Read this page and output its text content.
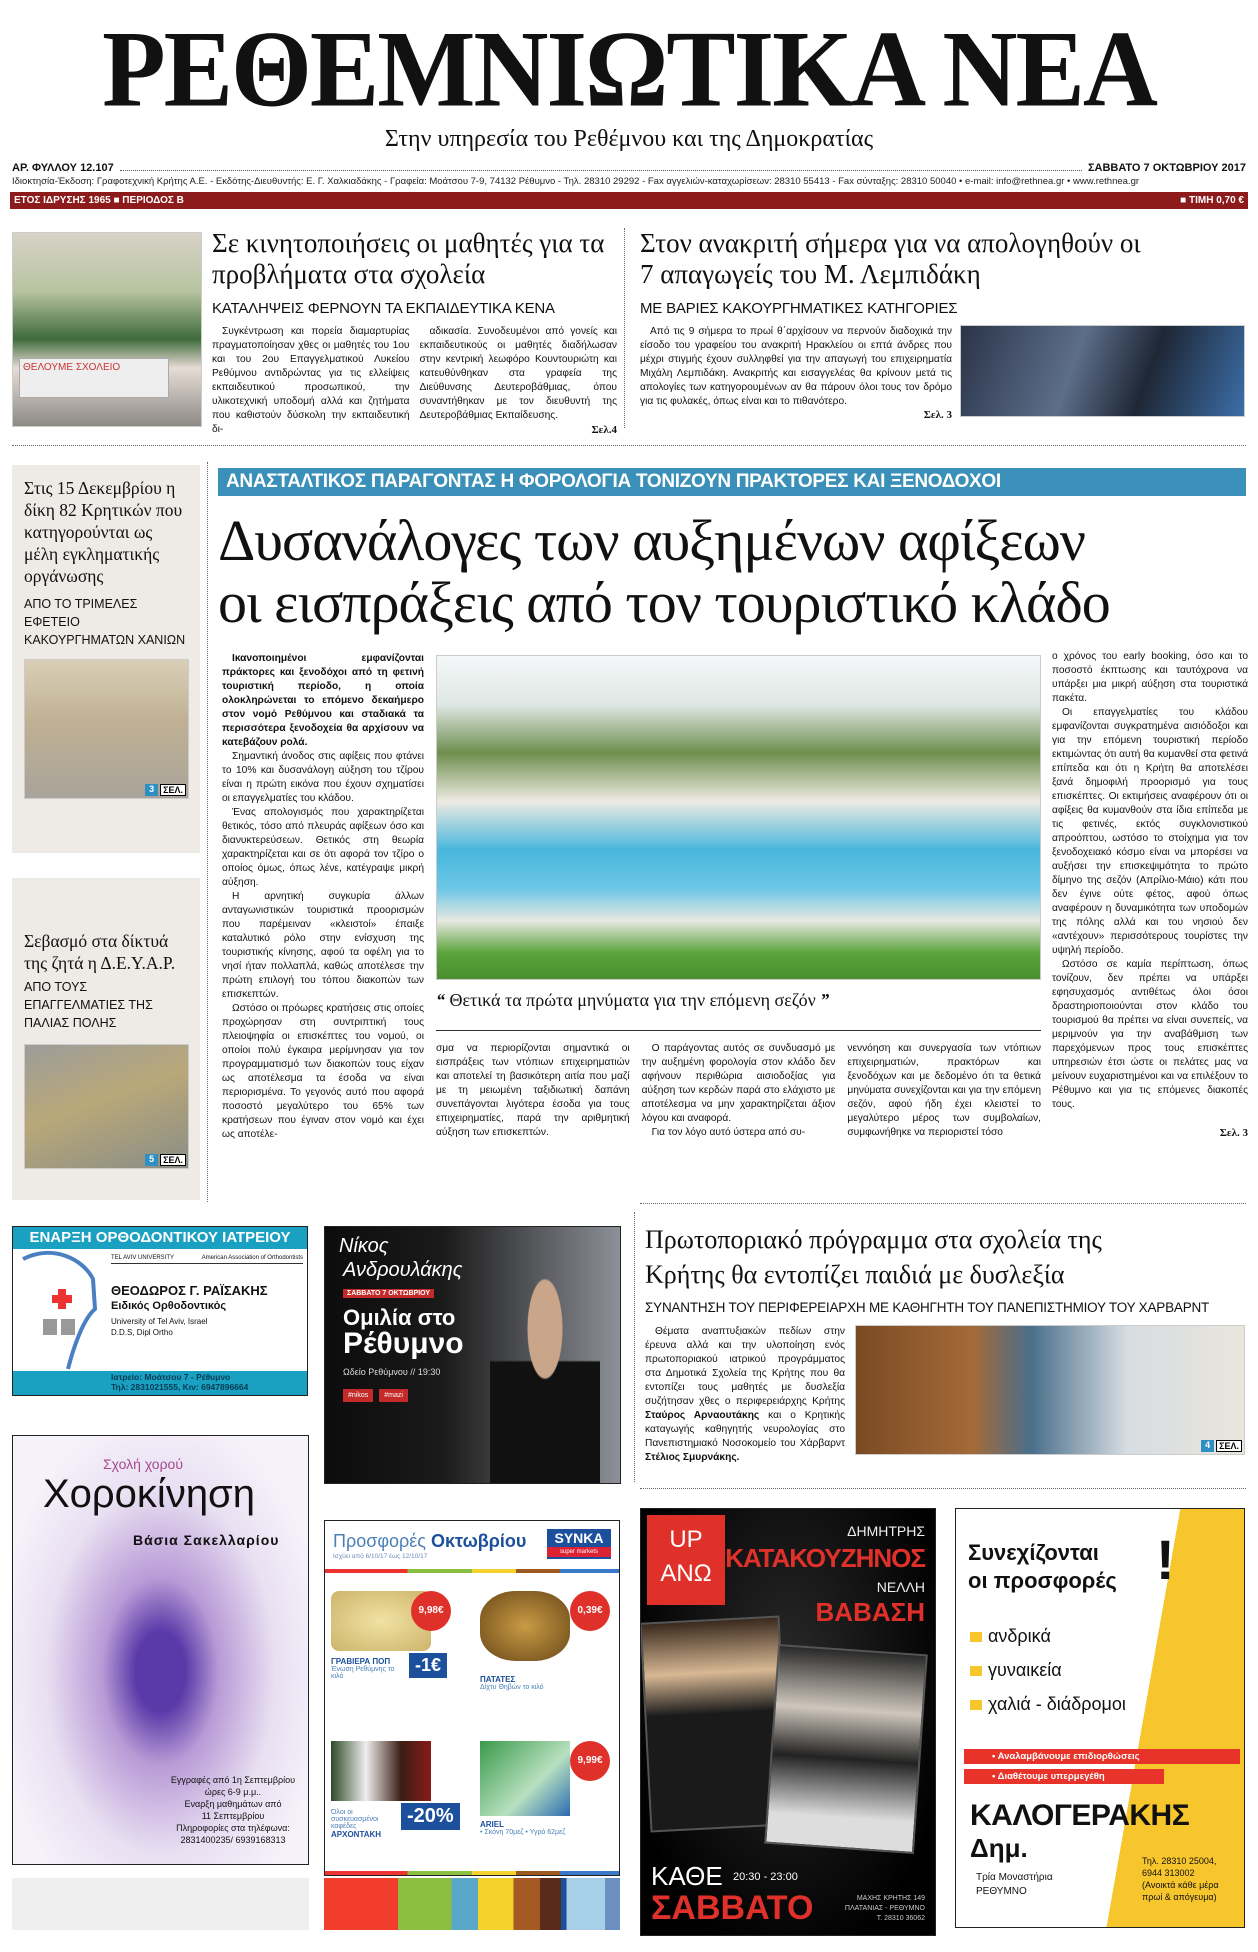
ΡΕΘΕΜΝΙΩΤΙΚΑ ΝΕΑ
Στην υπηρεσία του Ρεθέμνου και της Δημοκρατίας
ΑΡ. ΦΥΛΛΟΥ 12.107	ΣΑΒΒΑΤΟ 7 ΟΚΤΩΒΡΙΟΥ 2017
Ιδιοκτησία-Έκδοση: Γραφοτεχνική Κρήτης Α.Ε. - Εκδότης-Διευθυντής: Ε. Γ. Χαλκιαδάκης - Γραφεία: Μοάτσου 7-9, 74132 Ρέθυμνο - Τηλ. 28310 29292 - Fax αγγελιών-καταχωρίσεων: 28310 55413 - Fax σύνταξης: 28310 50040 • e-mail: info@rethnea.gr • www.rethnea.gr
ΕΤΟΣ ΙΔΡΥΣΗΣ 1965 ■ ΠΕΡΙΟΔΟΣ Β	■ ΤΙΜΗ 0,70 €
ΘΕΛΟΥΜΕ ΣΧΟΛΕΙΟ
Σε κινητοποιήσεις οι μαθητές για τα προβλήματα στα σχολεία
ΚΑΤΑΛΗΨΕΙΣ ΦΕΡΝΟΥΝ ΤΑ ΕΚΠΑΙΔΕΥΤΙΚΑ ΚΕΝΑ

Συγκέντρωση και πορεία διαμαρτυρίας πραγματοποίησαν χθες οι μαθητές του 1ου και του 2ου Επαγγελματικού Λυκείου Ρεθύμνου αντιδρώντας για τις ελλείψεις εκπαιδευτικού προσωπικού, την υλικοτεχνική υποδομή αλλά και ζητήματα που καθιστούν δύσκολη την εκπαιδευτική δι-

αδικασία. Συνοδευμένοι από γονείς και εκπαιδευτικούς οι μαθητές διαδήλωσαν στην κεντρική λεωφόρο Κουντουριώτη και κατευθύνθηκαν στα γραφεία της Διεύθυνσης Δευτεροβάθμιας, όπου συναντήθηκαν με τον διευθυντή της Δευτεροβάθμιας Εκπαίδευσης.

Σελ.4
Στον ανακριτή σήμερα για να απολογηθούν οι 7 απαγωγείς του Μ. Λεμπιδάκη
ΜΕ ΒΑΡΙΕΣ ΚΑΚΟΥΡΓΗΜΑΤΙΚΕΣ ΚΑΤΗΓΟΡΙΕΣ

Από τις 9 σήμερα το πρωί θ΄αρχίσουν να περνούν διαδοχικά την είσοδο του γραφείου του ανακριτή Ηρακλείου οι επτά άνδρες που μέχρι στιγμής έχουν συλληφθεί για την απαγωγή του επιχειρηματία Μιχάλη Λεμπιδάκη. Ανακριτής και εισαγγελέας θα κρίνουν μετά τις απολογίες των κατηγορουμένων αν θα πάρουν όλοι τους τον δρόμο για τις φυλακές, όπως είναι και το πιθανότερο.

Σελ. 3
Στις 15 Δεκεμβρίου η δίκη 82 Κρητικών που κατηγορούνται ως μέλη εγκληματικής οργάνωσης
ΑΠΟ ΤΟ ΤΡΙΜΕΛΕΣ ΕΦΕΤΕΙΟ ΚΑΚΟΥΡΓΗΜΑΤΩΝ ΧΑΝΙΩΝ
3	ΣΕΛ.
Σεβασμό στα δίκτυά της ζητά η Δ.Ε.Υ.Α.Ρ.
ΑΠΟ ΤΟΥΣ ΕΠΑΓΓΕΛΜΑΤΙΕΣ ΤΗΣ ΠΑΛΙΑΣ ΠΟΛΗΣ
5	ΣΕΛ.
ΑΝΑΣΤΑΛΤΙΚΟΣ ΠΑΡΑΓΟΝΤΑΣ Η ΦΟΡΟΛΟΓΙΑ ΤΟΝΙΖΟΥΝ ΠΡΑΚΤΟΡΕΣ ΚΑΙ ΞΕΝΟΔΟΧΟΙ
Δυσανάλογες των αυξημένων αφίξεων
οι εισπράξεις από τον τουριστικό κλάδο

Ικανοποιημένοι εμφανίζονται πράκτορες και ξενοδόχοι από τη φετινή τουριστική περίοδο, η οποία ολοκληρώνεται το επόμενο δεκαήμερο στον νομό Ρεθύμνου και σταδιακά τα περισσότερα ξενοδοχεία θα αρχίσουν να κατεβάζουν ρολά.

Σημαντική άνοδος στις αφίξεις που φτάνει το 10% και δυσανάλογη αύξηση του τζίρου είναι η πρώτη εικόνα που έχουν σχηματίσει οι επαγγελματίες του κλάδου.

Ένας απολογισμός που χαρακτηρίζεται θετικός, τόσο από πλευράς αφίξεων όσο και διανυκτερεύσεων. Θετικός στη θεωρία χαρακτηρίζεται και σε ότι αφορά τον τζίρο ο οποίος όμως, όπως λένε, κατέγραψε μικρή αύξηση.

Η αρνητική συγκυρία άλλων ανταγωνιστικών τουριστικά προορισμών που παρέμειναν «κλειστοί» έπαιξε καταλυτικό ρόλο στην ενίσχυση της τουριστικής κίνησης, αφού τα οφέλη για το νησί ήταν πολλαπλά, καθώς αποτέλεσε την πρώτη επιλογή του τόπου διακοπών των επισκεπτών.

Ωστόσο οι πρόωρες κρατήσεις στις οποίες προχώρησαν στη συντριπτική τους πλειοψηφία οι επισκέπτες του νομού, οι οποίοι πολύ έγκαιρα μερίμνησαν για τον προγραμματισμό των διακοπών τους είχαν ως αποτέλεσμα τα έσοδα να είναι περιορισμένα. Το γεγονός αυτό που αφορά ποσοστό μεγαλύτερο του 65% των κρατήσεων που έγιναν στον νομό και έχει ως αποτέλε-

“ Θετικά τα πρώτα μηνύματα για την επόμενη σεζόν ”

σμα να περιορίζονται σημαντικά οι εισπράξεις των ντόπιων επιχειρηματιών και αποτελεί τη βασικότερη αιτία που μαζί με τη μειωμένη ταξιδιωτική δαπάνη συνεπάγονται λιγότερα έσοδα για τους επιχειρηματίες, παρά την αριθμητική αύξηση των επισκεπτών.

Ο παράγοντας αυτός σε συνδυασμό με την αυξημένη φορολογία στον κλάδο δεν αφήνουν περιθώρια αισιοδοξίας για αύξηση των κερδών παρά στο ελάχιστο με αποτέλεσμα να μην χαρακτηρίζεται άξιον λόγου και αναφορά.

Για τον λόγο αυτό ύστερα από συ-

νεννόηση και συνεργασία των ντόπιων επιχειρηματιών, πρακτόρων και ξενοδόχων και με δεδομένο ότι τα θετικά μηνύματα συνεχίζονται και για την επόμενη σεζόν, αφού ήδη έχει κλειστεί το μεγαλύτερο μέρος των συμβολαίων, συμφωνήθηκε να περιοριστεί τόσο

ο χρόνος του early booking, όσο και το ποσοστό έκπτωσης και ταυτόχρονα να υπάρξει μια μικρή αύξηση στα τουριστικά πακέτα.

Οι επαγγελματίες του κλάδου εμφανίζονται συγκρατημένα αισιόδοξοι και για την επόμενη τουριστική περίοδο εκτιμώντας ότι αυτή θα κυμανθεί στα φετινά επίπεδα και ότι η Κρήτη θα αποτελέσει ξανά δημοφιλή προορισμό για τους επισκέπτες. Οι εκτιμήσεις αναφέρουν ότι οι αφίξεις θα κυμανθούν στα ίδια επίπεδα με τις φετινές, εκτός συγκλονιστικού απροόπτου, ωστόσο το στοίχημα για τον ξενοδοχειακό κόσμο είναι να μπορέσει να αυξήσει την επισκεψιμότητα το πρώτο δίμηνο της σεζόν (Απρίλιο-Μάιο) κάτι που δεν έγινε ούτε φέτος, αφού όπως αναφέρουν η δυναμικότητα των υποδομών της πόλης αλλά και του νησιού δεν «αντέχουν» περισσότερους τουρίστες την υψηλή περίοδο.

Ωστόσο σε καμία περίπτωση, όπως τονίζουν, δεν πρέπει να υπάρξει εφησυχασμός αντιθέτως όλοι όσοι δραστηριοποιούνται στον κλάδο του τουρισμού θα πρέπει να είναι συνεπείς, να μεριμνούν για την αναβάθμιση των παρεχόμενων προς τους επισκέπτες υπηρεσιών έτσι ώστε οι πελάτες μας να μείνουν ευχαριστημένοι και να επιλέξουν το Ρέθυμνο και για τις επόμενες διακοπές τους.

Σελ. 3
ΕΝΑΡΞΗ ΟΡΘΟΔΟΝΤΙΚΟΥ ΙΑΤΡΕΙΟΥ
TEL AVIV UNIVERSITY	American Association of Orthodontists
ΘΕΟΔΩΡΟΣ Γ. ΡΑΪΣΑΚΗΣ
Ειδικός Ορθοδοντικός
University of Tel Aviv, Israel
D.D.S, Dipl Ortho
Ιατρείο: Μοάτσου 7 - Ρέθυμνο
Τηλ: 2831021555, Κιν: 6947896664
Νίκος
Ανδρουλάκης
ΣΑΒΒΑΤΟ 7 ΟΚΤΩΒΡΙΟΥ
Ομιλία στο
Ρέθυμνο
Ωδείο Ρεθύμνου // 19:30
#nikos	#mazi
Πρωτοποριακό πρόγραμμα στα σχολεία της Κρήτης θα εντοπίζει παιδιά με δυσλεξία
ΣΥΝΑΝΤΗΣΗ ΤΟΥ ΠΕΡΙΦΕΡΕΙΑΡΧΗ ΜΕ ΚΑΘΗΓΗΤΗ ΤΟΥ ΠΑΝΕΠΙΣΤΗΜΙΟΥ ΤΟΥ ΧΑΡΒΑΡΝΤ

Θέματα αναπτυξιακών πεδίων στην έρευνα αλλά και την υλοποίηση ενός πρωτοποριακού ιατρικού προγράμματος στα Δημοτικά Σχολεία της Κρήτης που θα εντοπίζει τους μαθητές με δυσλεξία συζήτησαν χθες ο περιφερειάρχης Κρήτης Σταύρος Αρναουτάκης και ο Κρητικής καταγωγής καθηγητής νευρολογίας στο Πανεπιστημιακό Νοσοκομείο του Χάρβαρντ Στέλιος Σμυρνάκης.

4	ΣΕΛ.
Σχολή χορού
Χοροκίνηση
Βάσια Σακελλαρίου
Εγγραφές από 1η Σεπτεμβρίου
ώρες 6-9 μ.μ..
Εναρξη μαθημάτων από
11 Σεπτεμβρίου
Πληροφορίες στα τηλέφωνα:
2831400235/ 6939168313
Προσφορές Οκτωβρίου
Ισχύει από 6/10/17 έως 12/10/17
SYNKA
super markets
9,98€
-1€
ΓΡΑΒΙΕΡΑ ΠΟΠ
Ένωση Ρεθύμνης το κιλό
0,39€
ΠΑΤΑΤΕΣ
Δίχτυ Θηβών το κιλό
-20%
Όλοι οι συσκευασμένοι καφέδες
ΑΡΧΟΝΤΑΚΗ
9,99€
ARIEL
• Σκόνη 70μεζ • Υγρό 62μεζ
UP ΑΝΩ
ΔΗΜΗΤΡΗΣ
ΚΑΤΑΚΟΥΖΗΝΟΣ
ΝΕΛΛΗ
ΒΑΒΑΣΗ
ΚΑΘΕ 20:30 - 23:00
ΣΑΒΒΑΤΟ	ΜΑΧΗΣ ΚΡΗΤΗΣ 149
ΠΛΑΤΑΝΙΑΣ - ΡΕΘΥΜΝΟ
Τ. 28310 36062
Συνεχίζονται
οι προσφορές !
ανδρικά
γυναικεία
χαλιά - διάδρομοι
• Αναλαμβάνουμε επιδιορθώσεις
• Διαθέτουμε υπερμεγέθη
ΚΑΛΟΓΕΡΑΚΗΣ
Δημ.
Τρία Μοναστήρια
ΡΕΘΥΜΝΟ
Τηλ. 28310 25004,
6944 313002
(Ανοικτά κάθε μέρα
πρωί & απόγευμα)
